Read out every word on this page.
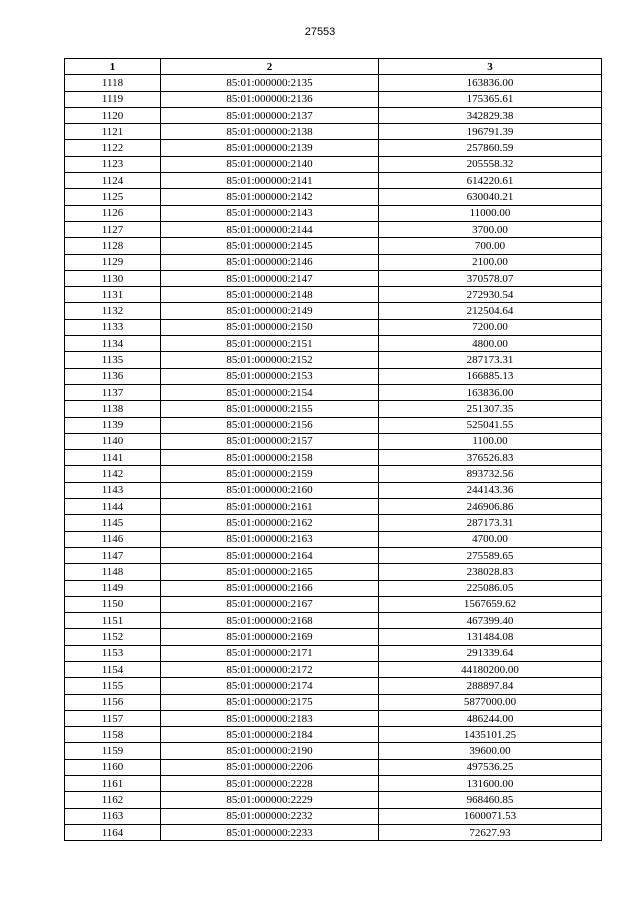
27553
1	2	3
1118	85:01:000000:2135	163836.00
1119	85:01:000000:2136	175365.61
1120	85:01:000000:2137	342829.38
1121	85:01:000000:2138	196791.39
1122	85:01:000000:2139	257860.59
1123	85:01:000000:2140	205558.32
1124	85:01:000000:2141	614220.61
1125	85:01:000000:2142	630040.21
1126	85:01:000000:2143	11000.00
1127	85:01:000000:2144	3700.00
1128	85:01:000000:2145	700.00
1129	85:01:000000:2146	2100.00
1130	85:01:000000:2147	370578.07
1131	85:01:000000:2148	272930.54
1132	85:01:000000:2149	212504.64
1133	85:01:000000:2150	7200.00
1134	85:01:000000:2151	4800.00
1135	85:01:000000:2152	287173.31
1136	85:01:000000:2153	166885.13
1137	85:01:000000:2154	163836.00
1138	85:01:000000:2155	251307.35
1139	85:01:000000:2156	525041.55
1140	85:01:000000:2157	1100.00
1141	85:01:000000:2158	376526.83
1142	85:01:000000:2159	893732.56
1143	85:01:000000:2160	244143.36
1144	85:01:000000:2161	246906.86
1145	85:01:000000:2162	287173.31
1146	85:01:000000:2163	4700.00
1147	85:01:000000:2164	275589.65
1148	85:01:000000:2165	238028.83
1149	85:01:000000:2166	225086.05
1150	85:01:000000:2167	1567659.62
1151	85:01:000000:2168	467399.40
1152	85:01:000000:2169	131484.08
1153	85:01:000000:2171	291339.64
1154	85:01:000000:2172	44180200.00
1155	85:01:000000:2174	288897.84
1156	85:01:000000:2175	5877000.00
1157	85:01:000000:2183	486244.00
1158	85:01:000000:2184	1435101.25
1159	85:01:000000:2190	39600.00
1160	85:01:000000:2206	497536.25
1161	85:01:000000:2228	131600.00
1162	85:01:000000:2229	968460.85
1163	85:01:000000:2232	1600071.53
1164	85:01:000000:2233	72627.93
